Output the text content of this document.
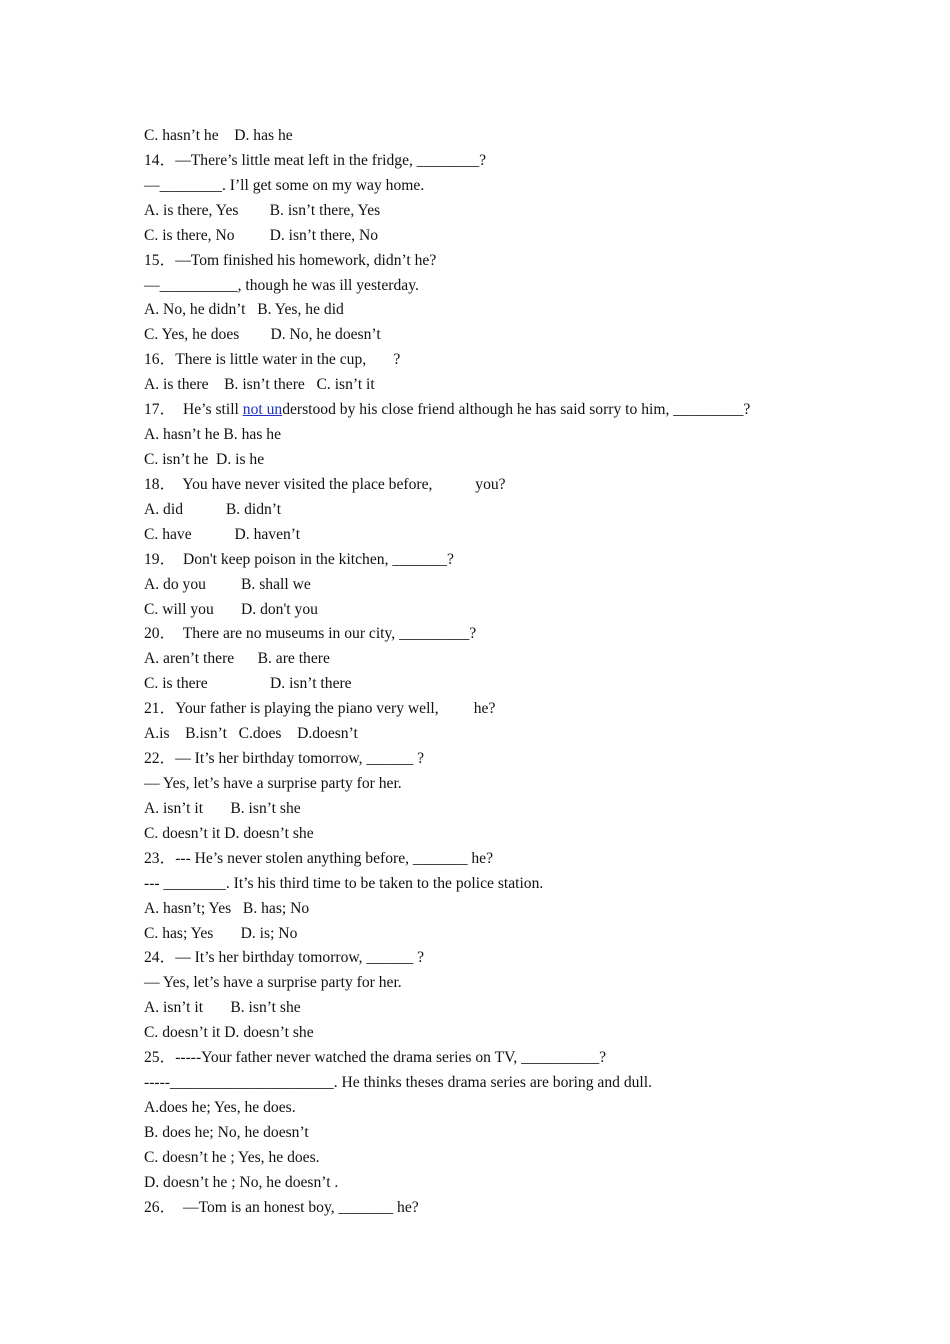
C. hasn’t he    D. has he
14．—There’s little meat left in the fridge, ________?
—________. I’ll get some on my way home.
A. is there, Yes        B. isn’t there, Yes
C. is there, No         D. isn’t there, No
15．—Tom finished his homework, didn’t he?
—__________, though he was ill yesterday.
A. No, he didn’t   B. Yes, he did
C. Yes, he does        D. No, he doesn’t
16．There is little water in the cup,       ?
A. is there    B. isn’t there   C. isn’t it
17．  He’s still not understood by his close friend although he has said sorry to him, _________?
A. hasn’t he B. has he
C. isn’t he  D. is he
18．  You have never visited the place before,           you?
A. did           B. didn’t
C. have           D. haven’t
19．  Don't keep poison in the kitchen, _______?
A. do you         B. shall we
C. will you       D. don't you
20．  There are no museums in our city, _________?
A. aren’t there      B. are there
C. is there                D. isn’t there
21．Your father is playing the piano very well,         he?
A.is    B.isn’t   C.does    D.doesn’t
22．— It’s her birthday tomorrow, ______ ?
— Yes, let’s have a surprise party for her.
A. isn’t it       B. isn’t she
C. doesn’t it D. doesn’t she
23．--- He’s never stolen anything before, _______ he?
--- ________. It’s his third time to be taken to the police station.
A. hasn’t; Yes   B. has; No
C. has; Yes       D. is; No
24．— It’s her birthday tomorrow, ______ ?
— Yes, let’s have a surprise party for her.
A. isn’t it       B. isn’t she
C. doesn’t it D. doesn’t she
25．-----Your father never watched the drama series on TV, __________?
-----_____________________. He thinks theses drama series are boring and dull.
A.does he; Yes, he does.
B. does he; No, he doesn’t
C. doesn’t he ; Yes, he does.
D. doesn’t he ; No, he doesn’t .
26．  —Tom is an honest boy, _______ he?
